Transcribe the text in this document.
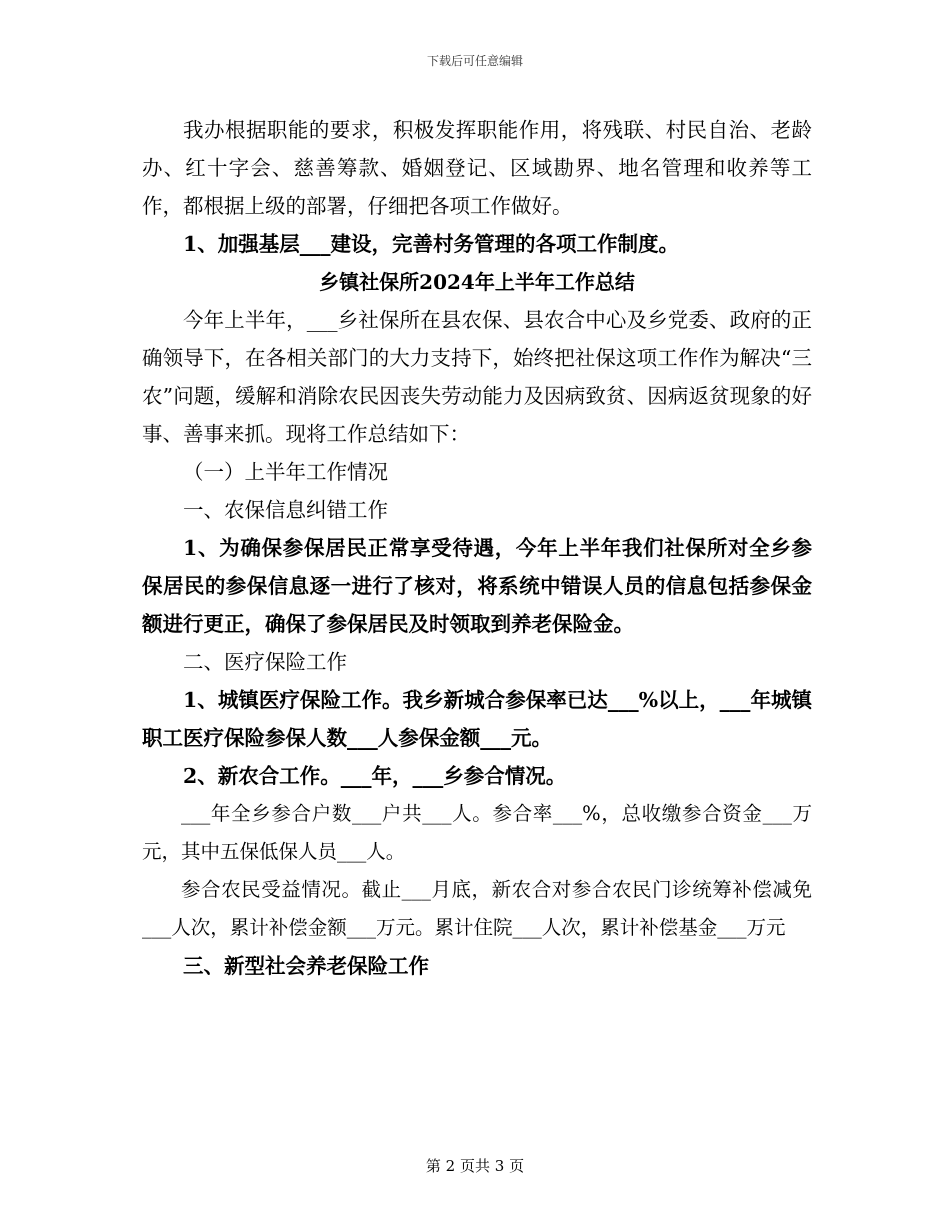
下载后可任意编辑

我办根据职能的要求，积极发挥职能作用，将残联、村民自治、老龄办、红十字会、慈善筹款、婚姻登记、区域勘界、地名管理和收养等工作，都根据上级的部署，仔细把各项工作做好。

1、加强基层___建设，完善村务管理的各项工作制度。

乡镇社保所2024年上半年工作总结

今年上半年，___乡社保所在县农保、县农合中心及乡党委、政府的正确领导下，在各相关部门的大力支持下，始终把社保这项工作作为解决“三农”问题，缓解和消除农民因丧失劳动能力及因病致贫、因病返贫现象的好事、善事来抓。现将工作总结如下：

（一）上半年工作情况

一、农保信息纠错工作

1、为确保参保居民正常享受待遇，今年上半年我们社保所对全乡参保居民的参保信息逐一进行了核对，将系统中错误人员的信息包括参保金额进行更正，确保了参保居民及时领取到养老保险金。

二、医疗保险工作

1、城镇医疗保险工作。我乡新城合参保率已达___%以上，___年城镇职工医疗保险参保人数___人参保金额___元。

2、新农合工作。___年，___乡参合情况。

___年全乡参合户数___户共___人。参合率___%，总收缴参合资金___万元，其中五保低保人员___人。

参合农民受益情况。截止___月底，新农合对参合农民门诊统筹补偿减免___人次，累计补偿金额___万元。累计住院___人次，累计补偿基金___万元

三、新型社会养老保险工作

第 2 页共 3 页
